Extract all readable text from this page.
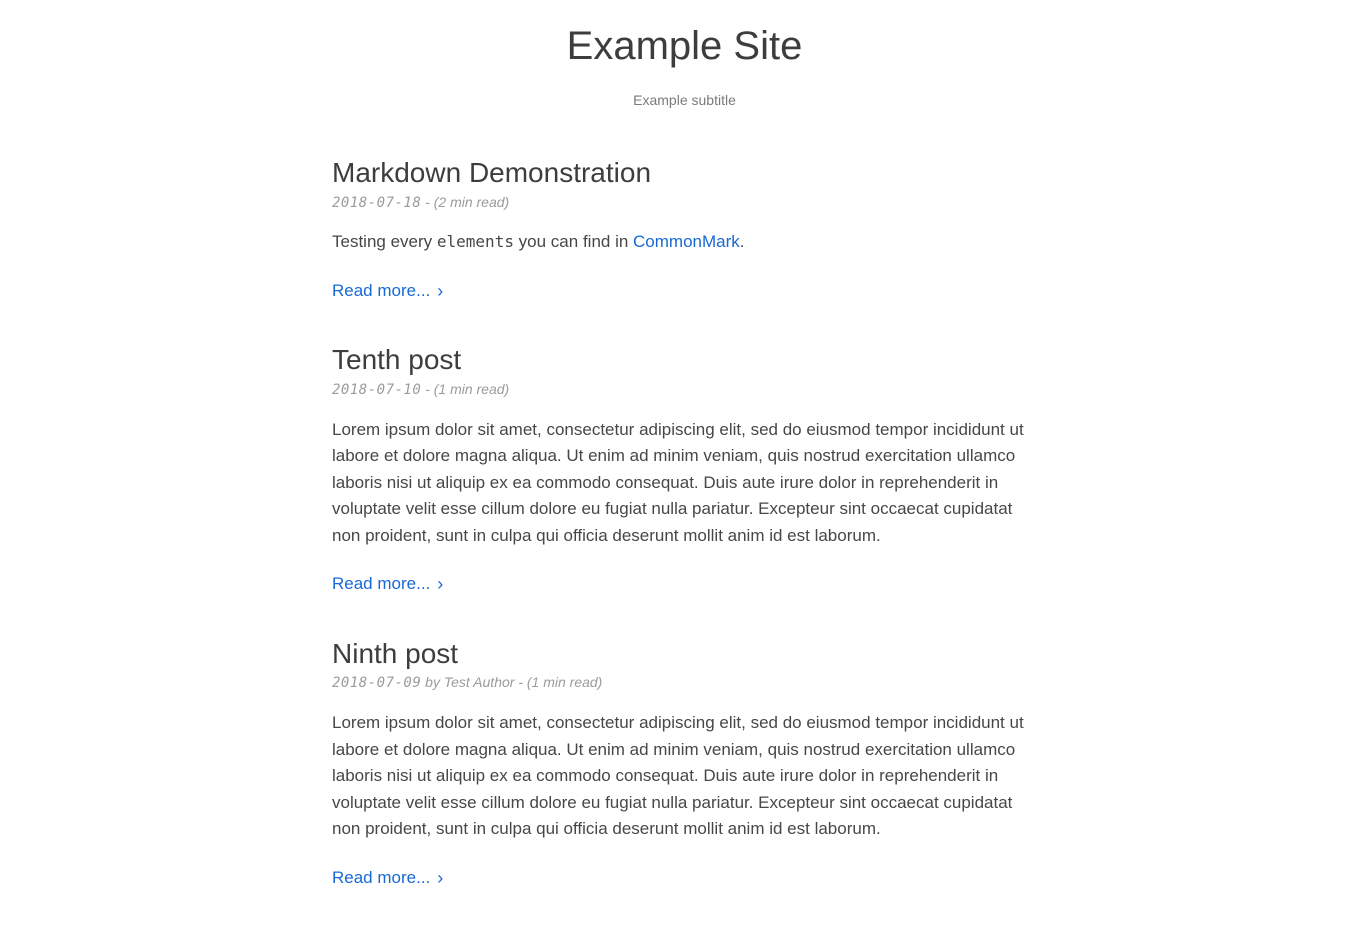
Example Site

Example subtitle

Markdown Demonstration

2018-07-18 - (2 min read)

Testing every elements you can find in CommonMark.

Read more... ›
Tenth post

2018-07-10 - (1 min read)

Lorem ipsum dolor sit amet, consectetur adipiscing elit, sed do eiusmod tempor incididunt ut labore et dolore magna aliqua. Ut enim ad minim veniam, quis nostrud exercitation ullamco laboris nisi ut aliquip ex ea commodo consequat. Duis aute irure dolor in reprehenderit in voluptate velit esse cillum dolore eu fugiat nulla pariatur. Excepteur sint occaecat cupidatat non proident, sunt in culpa qui officia deserunt mollit anim id est laborum.

Read more... ›
Ninth post

2018-07-09 by Test Author - (1 min read)

Lorem ipsum dolor sit amet, consectetur adipiscing elit, sed do eiusmod tempor incididunt ut labore et dolore magna aliqua. Ut enim ad minim veniam, quis nostrud exercitation ullamco laboris nisi ut aliquip ex ea commodo consequat. Duis aute irure dolor in reprehenderit in voluptate velit esse cillum dolore eu fugiat nulla pariatur. Excepteur sint occaecat cupidatat non proident, sunt in culpa qui officia deserunt mollit anim id est laborum.

Read more... ›
